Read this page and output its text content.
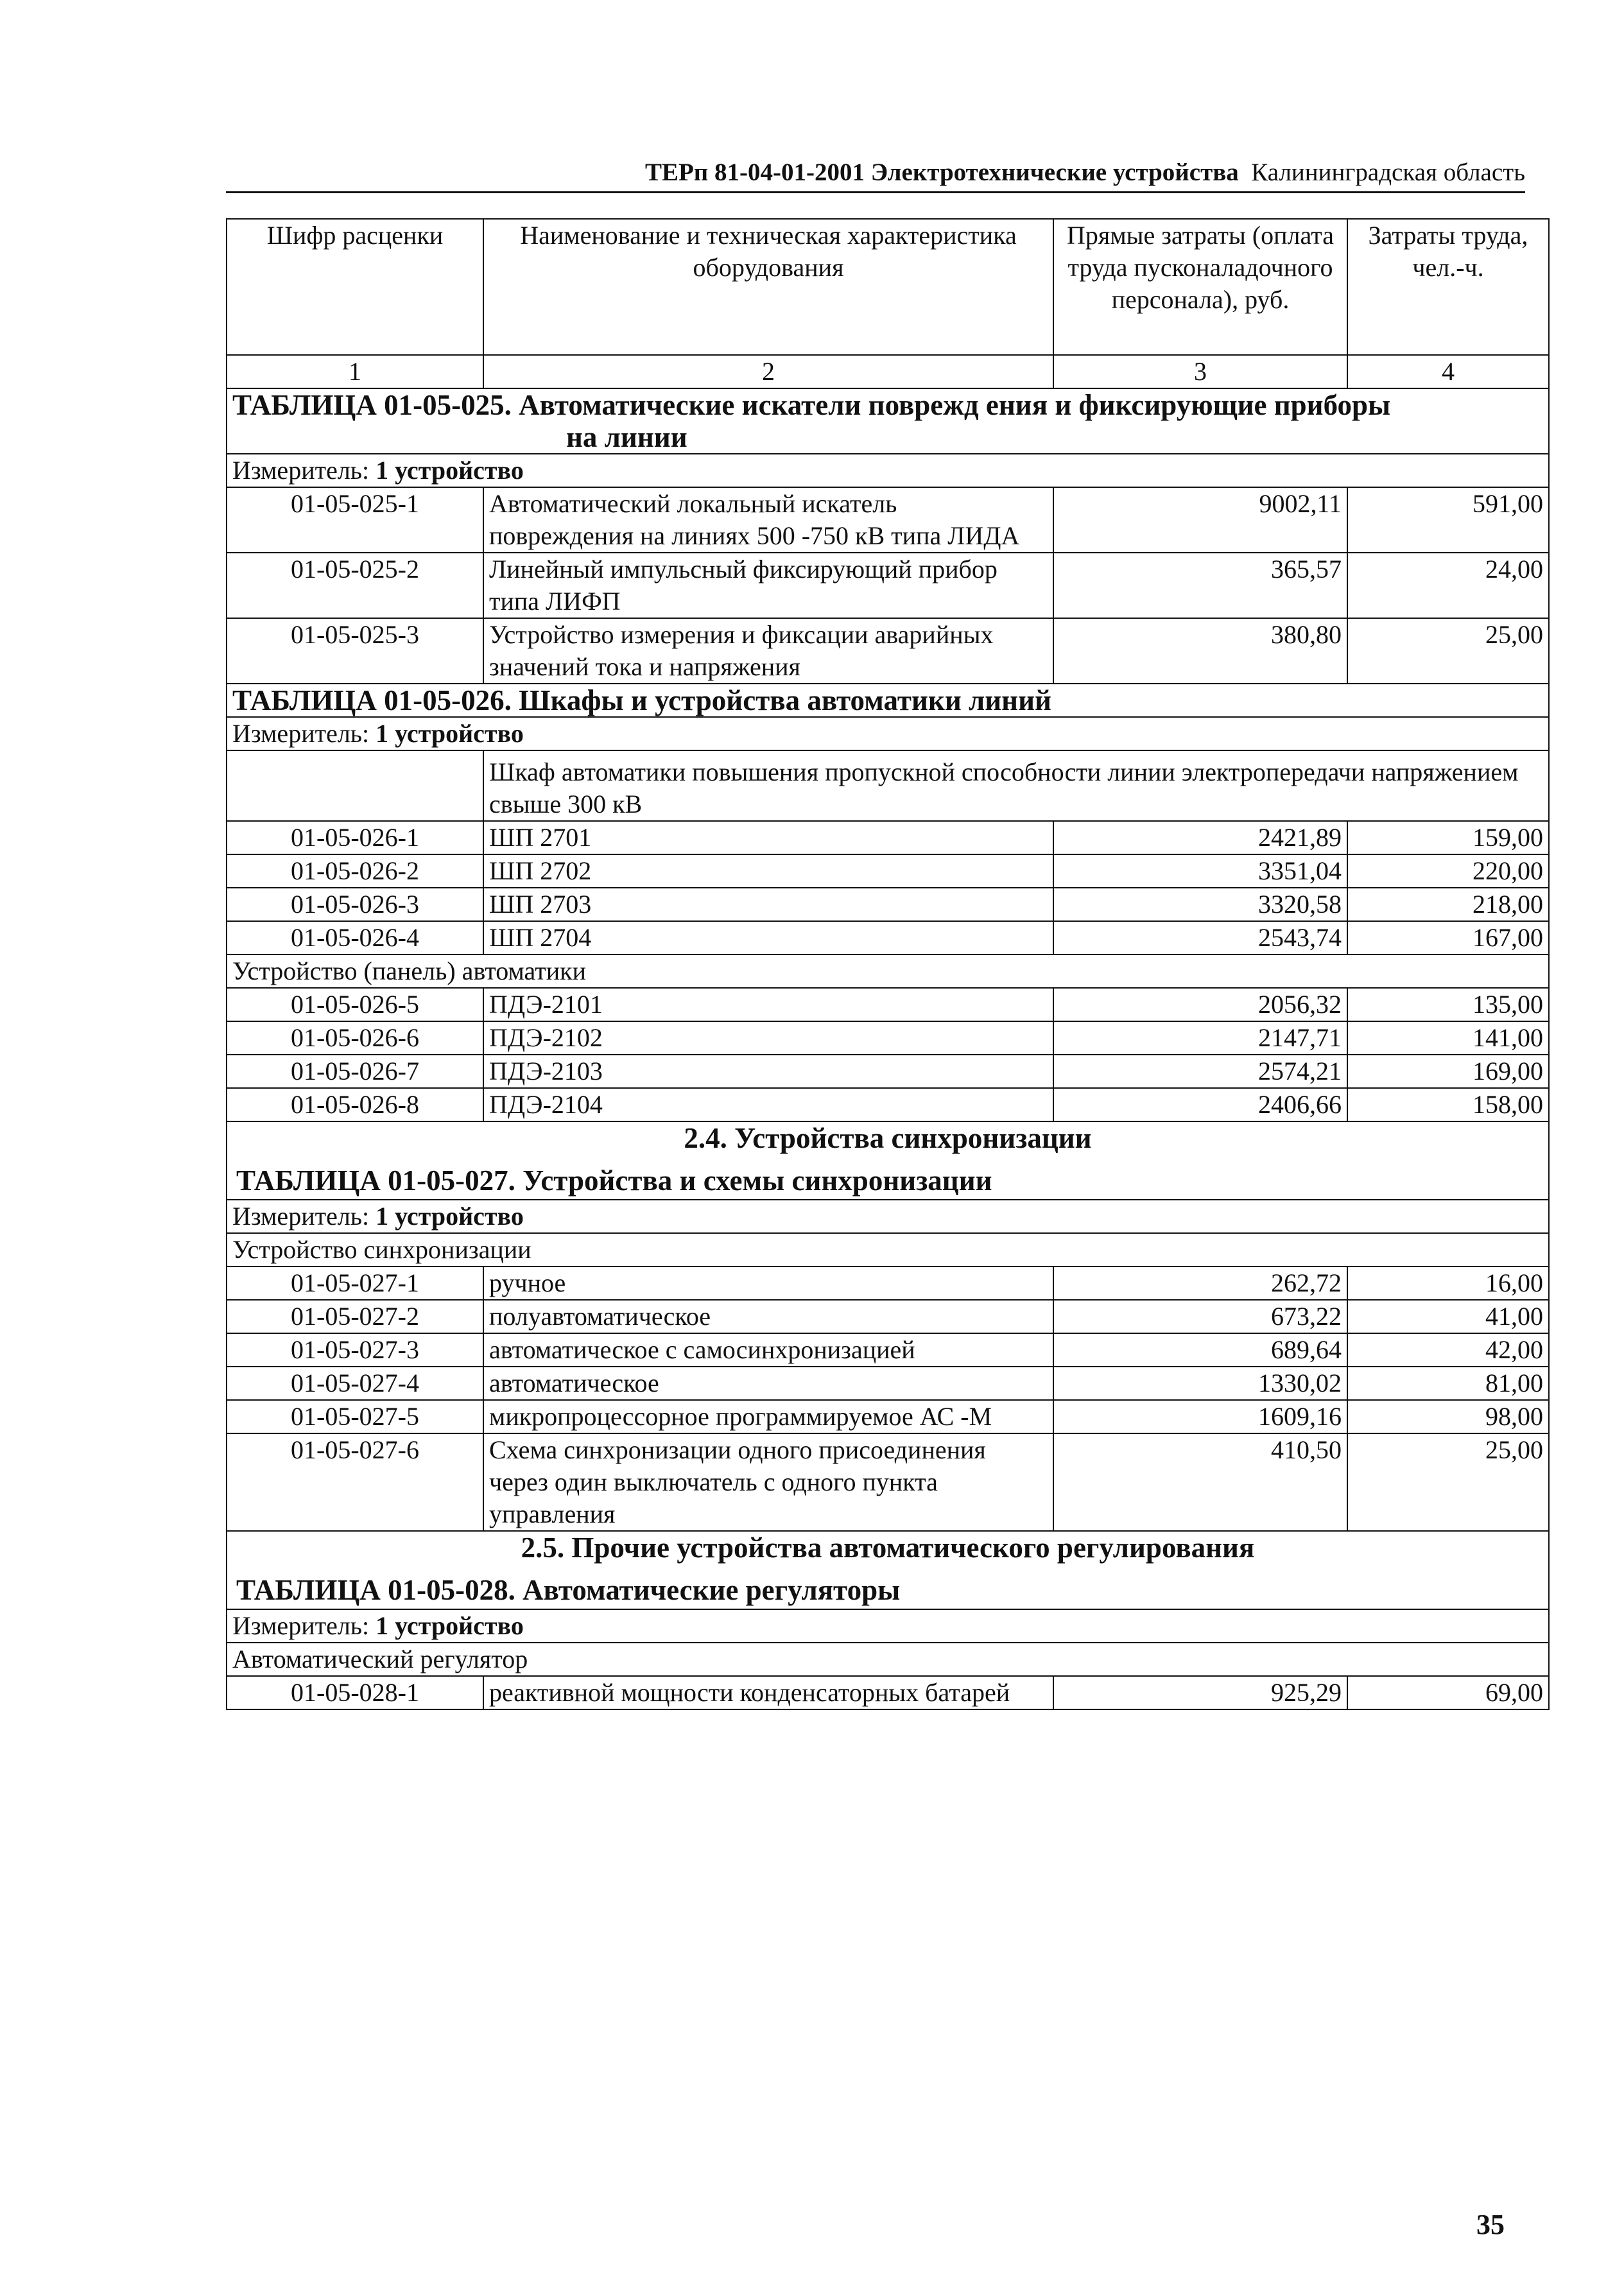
ТЕРп 81-04-01-2001 Электротехнические устройства Калининградская область
Шифр расценки	Наименование и техническая характеристика оборудования	Прямые затраты (оплата труда пусконаладочного персонала), руб.	Затраты труда, чел.-ч.
1	2	3	4
ТАБЛИЦА 01-05-025. Автоматические искатели поврежд ения и фиксирующие приборы
на линии			

Измеритель: 1 устройство			
01-05-025-1	Автоматический локальный искатель повреждения на линиях 500 -750 кВ типа ЛИДА	9002,11	591,00
01-05-025-2	Линейный импульсный фиксирующий прибор типа ЛИФП	365,57	24,00
01-05-025-3	Устройство измерения и фиксации аварийных значений тока и напряжения	380,80	25,00
ТАБЛИЦА 01-05-026. Шкафы и устройства автоматики линий			
Измеритель: 1 устройство			
	Шкаф автоматики повышения пропускной способности линии электропередачи напряжением свыше 300 кВ		
01-05-026-1	ШП 2701	2421,89	159,00
01-05-026-2	ШП 2702	3351,04	220,00
01-05-026-3	ШП 2703	3320,58	218,00
01-05-026-4	ШП 2704	2543,74	167,00
Устройство (панель) автоматики			
01-05-026-5	ПДЭ-2101	2056,32	135,00
01-05-026-6	ПДЭ-2102	2147,71	141,00
01-05-026-7	ПДЭ-2103	2574,21	169,00
01-05-026-8	ПДЭ-2104	2406,66	158,00

2.4. Устройства синхронизации
ТАБЛИЦА 01-05-027. Устройства и схемы синхронизации			

Измеритель: 1 устройство			
Устройство синхронизации			
01-05-027-1	ручное	262,72	16,00
01-05-027-2	полуавтоматическое	673,22	41,00
01-05-027-3	автоматическое с самосинхронизацией	689,64	42,00
01-05-027-4	автоматическое	1330,02	81,00
01-05-027-5	микропроцессорное программируемое АС -М	1609,16	98,00
01-05-027-6	Схема синхронизации одного присоединения через один выключатель с одного пункта управления	410,50	25,00

2.5. Прочие устройства автоматического регулирования
ТАБЛИЦА 01-05-028. Автоматические регуляторы			

Измеритель: 1 устройство			
Автоматический регулятор			
01-05-028-1	реактивной мощности конденсаторных батарей	925,29	69,00
35
